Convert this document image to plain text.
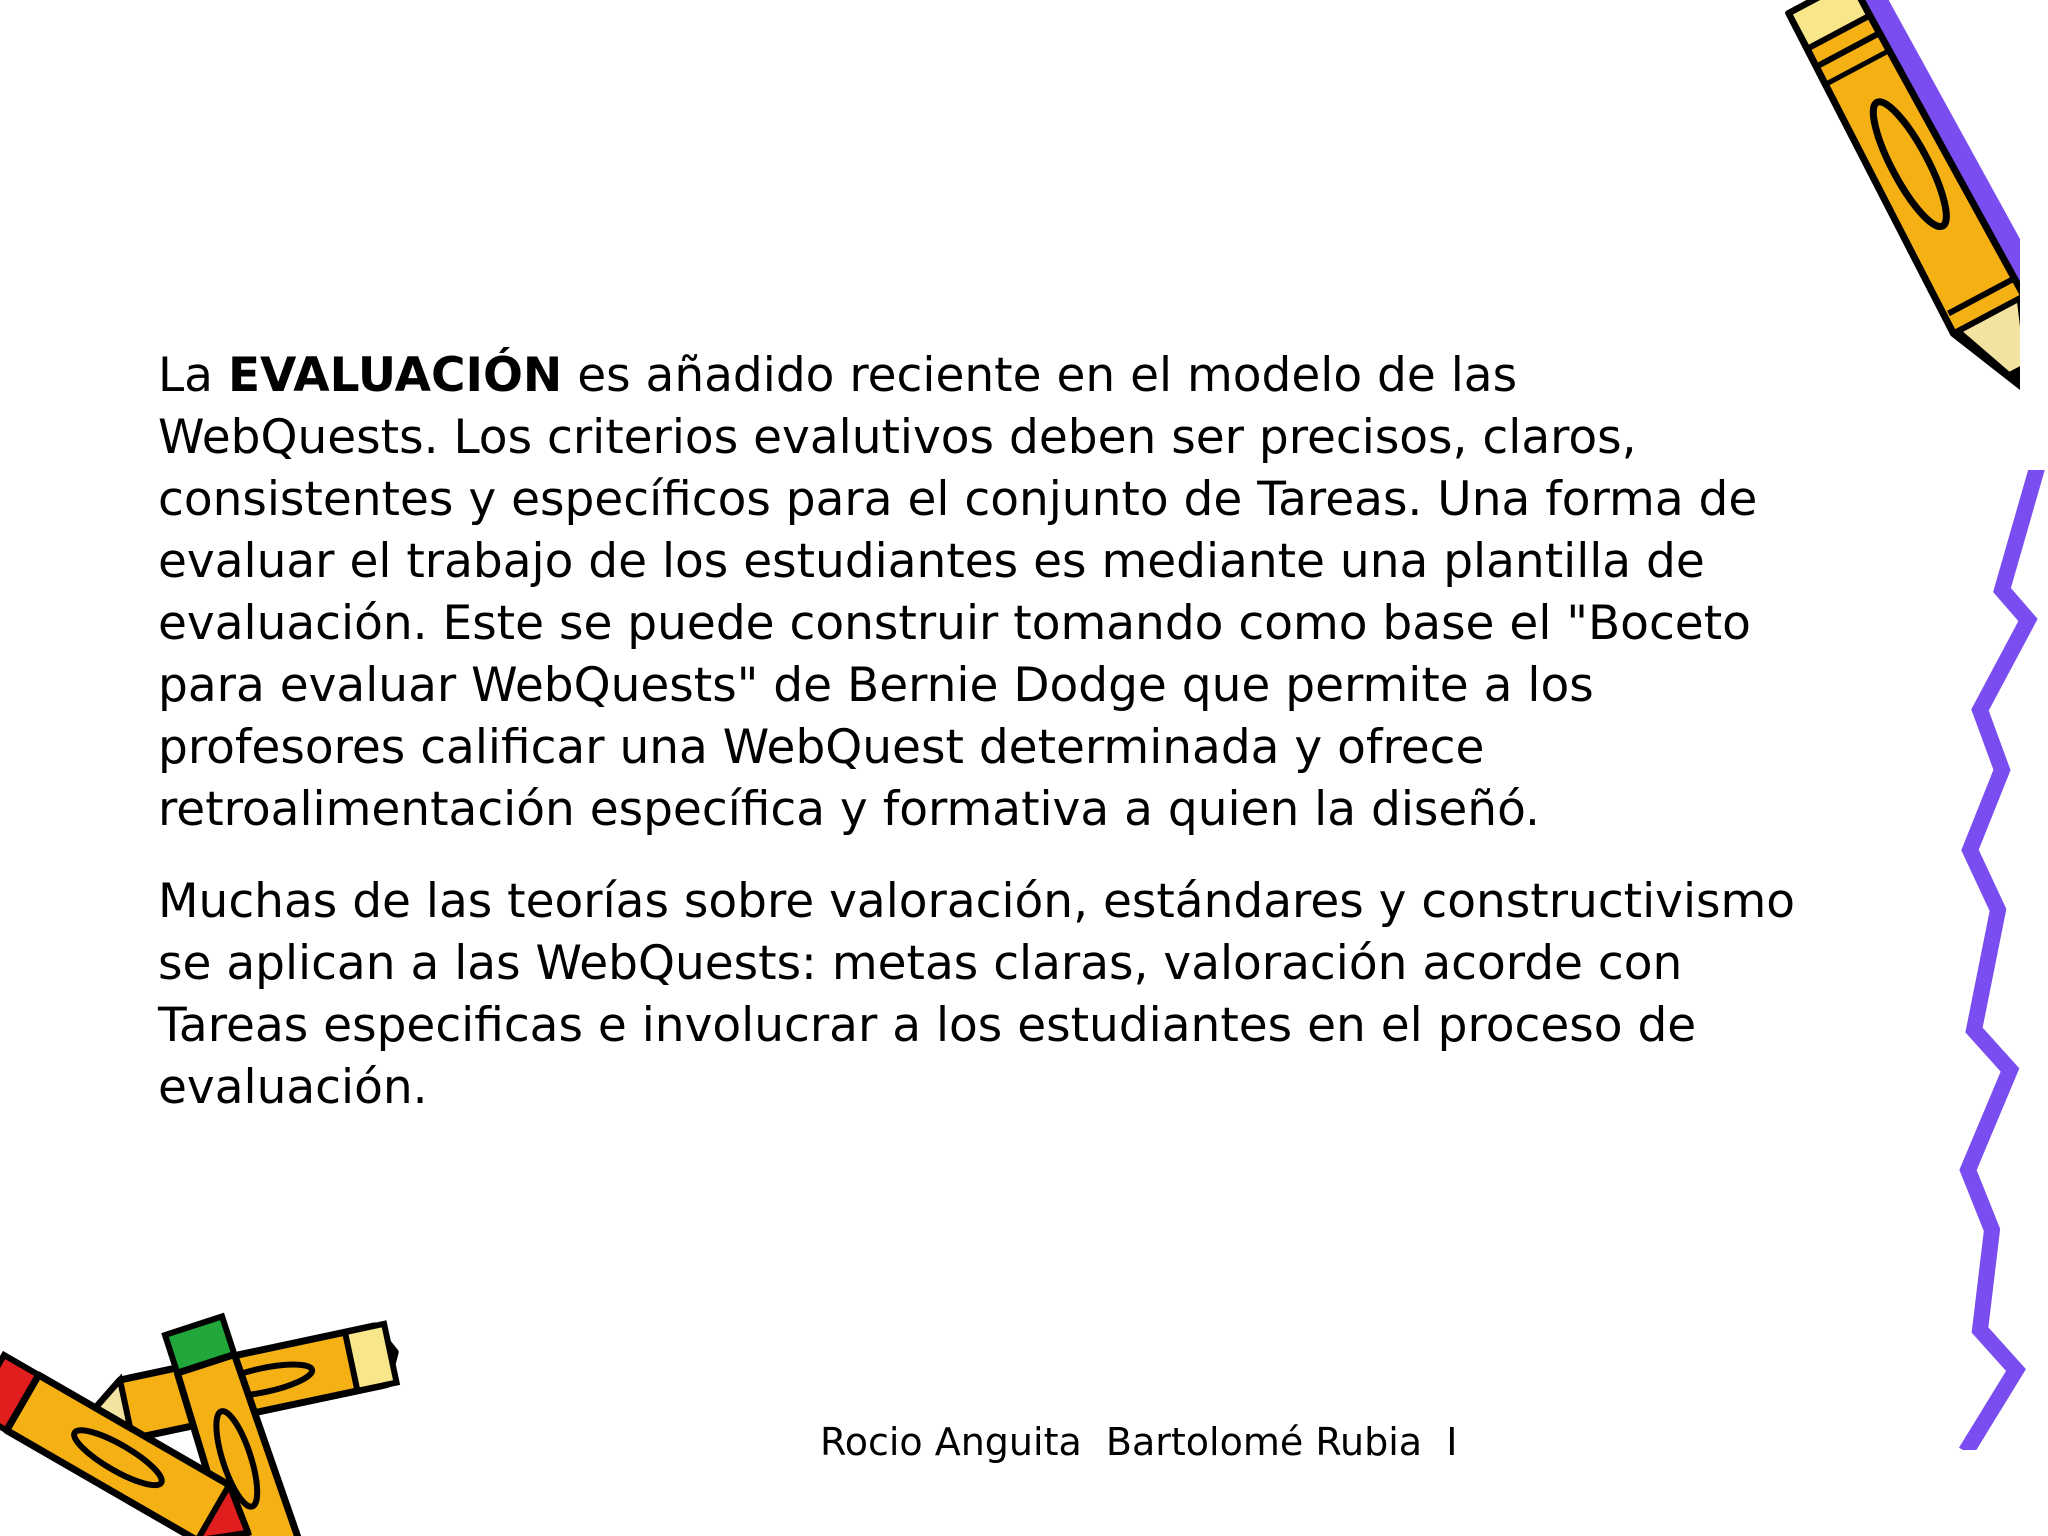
La EVALUACIÓN es añadido reciente en el modelo de las WebQuests. Los criterios evalutivos deben ser precisos, claros, consistentes y específicos para el conjunto de Tareas. Una forma de evaluar el trabajo de los estudiantes es mediante una plantilla de evaluación. Este se puede construir tomando como base el "Boceto para evaluar WebQuests" de Bernie Dodge que permite a los profesores calificar una WebQuest determinada y ofrece retroalimentación específica y formativa a quien la diseñó.

Muchas de las teorías sobre valoración, estándares y constructivismo se aplican a las WebQuests: metas claras, valoración acorde con Tareas especificas e involucrar a los estudiantes en el proceso de evaluación.

Rocio Anguita  Bartolomé Rubia  I
